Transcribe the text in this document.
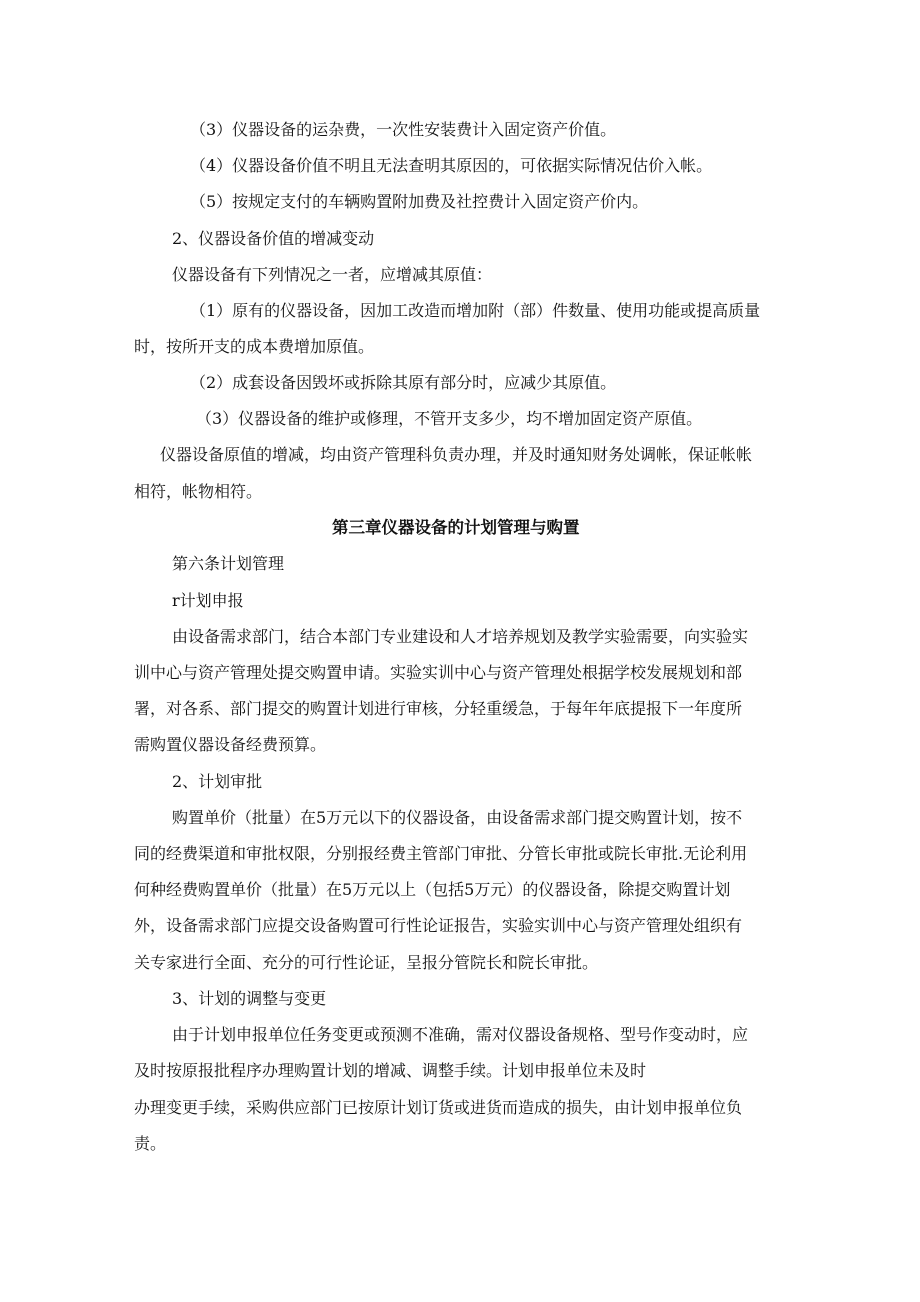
（3）仪器设备的运杂费，一次性安装费计入固定资产价值。

（4）仪器设备价值不明且无法查明其原因的，可依据实际情况估价入帐。

（5）按规定支付的车辆购置附加费及社控费计入固定资产价内。

2、仪器设备价值的增减变动

仪器设备有下列情况之一者，应增减其原值：

（1）原有的仪器设备，因加工改造而增加附（部）件数量、使用功能或提高质量

时，按所开支的成本费增加原值。

（2）成套设备因毁坏或拆除其原有部分时，应减少其原值。

（3）仪器设备的维护或修理，不管开支多少，均不增加固定资产原值。

仪器设备原值的增减，均由资产管理科负责办理，并及时通知财务处调帐，保证帐帐

相符，帐物相符。

第三章仪器设备的计划管理与购置

第六条计划管理

r计划申报

由设备需求部门，结合本部门专业建设和人才培养规划及教学实验需要，向实验实

训中心与资产管理处提交购置申请。实验实训中心与资产管理处根据学校发展规划和部

署，对各系、部门提交的购置计划进行审核，分轻重缓急，于每年年底提报下一年度所

需购置仪器设备经费预算。

2、计划审批

购置单价（批量）在5万元以下的仪器设备，由设备需求部门提交购置计划，按不

同的经费渠道和审批权限，分别报经费主管部门审批、分管长审批或院长审批.无论利用

何种经费购置单价（批量）在5万元以上（包括5万元）的仪器设备，除提交购置计划

外，设备需求部门应提交设备购置可行性论证报告，实验实训中心与资产管理处组织有

关专家进行全面、充分的可行性论证，呈报分管院长和院长审批。

3、计划的调整与变更

由于计划申报单位任务变更或预测不准确，需对仪器设备规格、型号作变动时，应

及时按原报批程序办理购置计划的增减、调整手续。计划申报单位未及时

办理变更手续，采购供应部门已按原计划订货或进货而造成的损失，由计划申报单位负

责。
